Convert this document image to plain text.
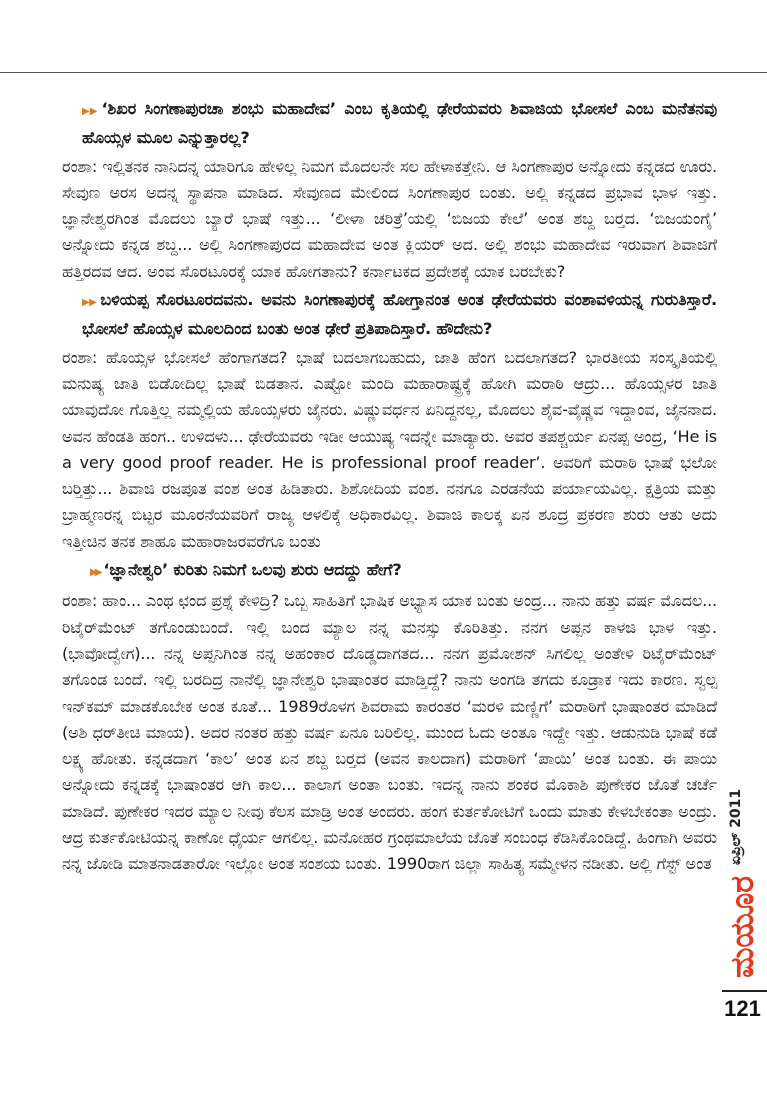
▶▶ ‘ಶಿಖರ ಸಿಂಗಣಾಪುರಚಾ ಶಂಭು ಮಹಾದೇವ’ ಎಂಬ ಕೃತಿಯಲ್ಲಿ ಢೇರೆಯವರು ಶಿವಾಜಿಯ ಭೋಸಲೆ ಎಂಬ ಮನೆತನವು ಹೊಯ್ಸಳ ಮೂಲ ಎನ್ನುತ್ತಾರಲ್ಲ?

ರಂಶಾ: ಇಲ್ಲಿತನಕ ನಾನಿದನ್ನ ಯಾರಿಗೂ ಹೇಳಿಲ್ಲ ನಿಮಗ ಮೊದಲನೇ ಸಲ ಹೇಳಾಕತ್ತೇನಿ. ಆ ಸಿಂಗಣಾಪುರ ಅನ್ನೋದು ಕನ್ನಡದ ಊರು. ಸೇವುಣ ಅರಸ ಅದನ್ನ ಸ್ಥಾಪನಾ ಮಾಡಿದ. ಸೇವುಣದ ಮೇಲಿಂದ ಸಿಂಗಣಾಪುರ ಬಂತು. ಅಲ್ಲಿ ಕನ್ನಡದ ಪ್ರಭಾವ ಭಾಳ ಇತ್ತು. ಜ್ಞಾನೇಶ್ವರಗಿಂತ ಮೊದಲು ಬ್ಯಾರೆ ಭಾಷೆ ಇತ್ತು... ‘ಲೀಳಾ ಚರಿತ್ರೆ’ಯಲ್ಲಿ ‘ಬಿಜಯ ಕೇಲೆ’ ಅಂತ ಶಬ್ದ ಬರ‍್ತದ. ‘ಬಿಜಯಂಗೈ’ ಅನ್ನೋದು ಕನ್ನಡ ಶಬ್ದ... ಅಲ್ಲಿ ಸಿಂಗಣಾಪುರದ ಮಹಾದೇವ ಅಂತ ಕ್ಲಿಯರ್ ಅದ. ಅಲ್ಲಿ ಶಂಭು ಮಹಾದೇವ ಇರುವಾಗ ಶಿವಾಜಿಗೆ ಹತ್ತಿರದವ ಆದ. ಅಂವ ಸೊರಟೂರಕ್ಕೆ ಯಾಕ ಹೋಗತಾನು? ಕರ್ನಾಟಕದ ಪ್ರದೇಶಕ್ಕೆ ಯಾಕ ಬರಬೇಕು?

▶▶ ಬಳಿಯಪ್ಪ ಸೊರಟೂರದವನು. ಅವನು ಸಿಂಗಣಾಪುರಕ್ಕೆ ಹೋಗ್ತಾನಂತ ಅಂತ ಢೇರೆಯವರು ವಂಶಾವಳಿಯನ್ನ ಗುರುತಿಸ್ತಾರೆ. ಭೋಸಲೆ ಹೊಯ್ಸಳ ಮೂಲದಿಂದ ಬಂತು ಅಂತ ಢೇರೆ ಪ್ರತಿಪಾದಿಸ್ತಾರೆ. ಹೌದೇನು?

ರಂಶಾ: ಹೊಯ್ಸಳ ಭೋಸಲೆ ಹೆಂಗಾಗತದ? ಭಾಷೆ ಬದಲಾಗಬಹುದು, ಜಾತಿ ಹೆಂಗ ಬದಲಾಗತದ? ಭಾರತೀಯ ಸಂಸ್ಕೃತಿಯಲ್ಲಿ ಮನುಷ್ಯ ಜಾತಿ ಬಿಡೋದಿಲ್ಲ ಭಾಷೆ ಬಿಡತಾನ. ಎಷ್ಟೋ ಮಂದಿ ಮಹಾರಾಷ್ಟ್ರಕ್ಕೆ ಹೋಗಿ ಮರಾಠಿ ಆದ್ರು... ಹೊಯ್ಸಳರ ಜಾತಿ ಯಾವುದೋ ಗೊತ್ತಿಲ್ಲ ನಮ್ಮಲ್ಲಿಯ ಹೊಯ್ಸಳರು ಜೈನರು. ವಿಷ್ಣುವರ್ಧನ ಏನಿದ್ದನಲ್ಲ, ಮೊದಲು ಶೈವ-ವೈಷ್ಣವ ಇದ್ದಾಂವ, ಜೈನನಾದ. ಅವನ ಹೆಂಡತಿ ಹಂಗ.. ಉಳಿದಳು... ಢೇರೆಯವರು ಇಡೀ ಆಯುಷ್ಯ ಇದನ್ನೇ ಮಾಡ್ಯಾರು. ಅವರ ತಪಶ್ಚರ್ಯ ಏನಪ್ಪ ಅಂದ್ರ, ‘He is a very good proof reader. He is professional proof reader’. ಅವರಿಗೆ ಮರಾಠಿ ಭಾಷೆ ಭಲೋ ಬರ‍್ತಿತ್ತು... ಶಿವಾಜಿ ರಜಪೂತ ವಂಶ ಅಂತ ಹಿಡಿತಾರು. ಶಿಶೋದಿಯ ವಂಶ. ನನಗೂ ಎರಡನೆಯ ಪರ್ಯಾಯವಿಲ್ಲ. ಕ್ಷತ್ರಿಯ ಮತ್ತು ಬ್ರಾಹ್ಮಣರನ್ನ ಬಿಟ್ಟರ ಮೂರನೆಯವರಿಗೆ ರಾಜ್ಯ ಆಳಲಿಕ್ಕೆ ಅಧಿಕಾರವಿಲ್ಲ. ಶಿವಾಜಿ ಕಾಲಕ್ಕ ಏನ ಶೂದ್ರ ಪ್ರಕರಣ ಶುರು ಆತು ಅದು ಇತ್ತೀಚಿನ ತನಕ ಶಾಹೂ ಮಹಾರಾಜರವರೆಗೂ ಬಂತು

▶▶ ‘ಜ್ಞಾನೇಶ್ವರಿ’ ಕುರಿತು ನಿಮಗೆ ಒಲವು ಶುರು ಆದದ್ದು ಹೇಗೆ?

ರಂಶಾ: ಹಾಂ... ಎಂಥ ಛಂದ ಪ್ರಶ್ನೆ ಕೇಳಿದ್ರಿ? ಒಬ್ಬ ಸಾಹಿತಿಗೆ ಭಾಷಿಕ ಅಭ್ಯಾಸ ಯಾಕ ಬಂತು ಅಂದ್ರ... ನಾನು ಹತ್ತು ವರ್ಷ ಮೊದಲ... ರಿಟೈರ್‌ಮೆಂಟ್ ತಗೊಂಡುಬಂದೆ. ಇಲ್ಲಿ ಬಂದ ಮ್ಯಾಲ ನನ್ನ ಮನಸ್ಸು ಕೊರಿತಿತ್ತು. ನನಗ ಅಪ್ಪನ ಕಾಳಜಿ ಭಾಳ ಇತ್ತು. (ಭಾವೋದ್ವೇಗ)... ನನ್ನ ಅಪ್ಪನಿಗಿಂತ ನನ್ನ ಅಹಂಕಾರ ದೊಡ್ಡದಾಗತದ... ನನಗ ಪ್ರಮೋಶನ್ ಸಿಗಲಿಲ್ಲ ಅಂತೇಳಿ ರಿಟೈರ್‌ಮೆಂಟ್ ತಗೊಂಡ ಬಂದೆ. ಇಲ್ಲಿ ಬರದಿದ್ರ ನಾನೆಲ್ಲಿ ಜ್ಞಾನೇಶ್ವರಿ ಭಾಷಾಂತರ ಮಾಡ್ತಿದ್ದೆ? ನಾನು ಅಂಗಡಿ ತಗದು ಕೂಡ್ರಾಕ ಇದು ಕಾರಣ. ಸ್ವಲ್ಪ ಇನ್‌ಕಮ್ ಮಾಡಕೊಬೇಕ ಅಂತ ಕೂತೆ... 1989ರೊಳಗ ಶಿವರಾಮ ಕಾರಂತರ ‘ಮರಳಿ ಮಣ್ಣಿಗೆ’ ಮರಾಠಿಗೆ ಭಾಷಾಂತರ ಮಾಡಿದೆ (ಅಶಿ ಧರ್‌ತೀಚಿ ಮಾಯ). ಅದರ ನಂತರ ಹತ್ತು ವರ್ಷ ಏನೂ ಬರಿಲಿಲ್ಲ. ಮುಂದ ಓದು ಅಂತೂ ಇದ್ದೇ ಇತ್ತು. ಆಡುನುಡಿ ಭಾಷೆ ಕಡೆ ಲಕ್ಷ್ಯ ಹೋತು. ಕನ್ನಡದಾಗ ‘ಕಾಲ’ ಅಂತ ಏನ ಶಬ್ದ ಬರ‍್ತದ (ಅವನ ಕಾಲದಾಗ) ಮರಾಠಿಗೆ ‘ಪಾಯಿ’ ಅಂತ ಬಂತು. ಈ ಪಾಯಿ ಅನ್ನೋದು ಕನ್ನಡಕ್ಕೆ ಭಾಷಾಂತರ ಆಗಿ ಕಾಲ... ಕಾಲಾಗ ಅಂತಾ ಬಂತು. ಇದನ್ನ ನಾನು ಶಂಕರ ಮೊಕಾಶಿ ಪುಣೇಕರ ಜೊತೆ ಚರ್ಚೆ ಮಾಡಿದೆ. ಪುಣೇಕರ ಇದರ ಮ್ಯಾಲ ನೀವು ಕೆಲಸ ಮಾಡ್ರಿ ಅಂತ ಅಂದರು. ಹಂಗ ಕುರ್ತಕೋಟಿಗೆ ಒಂದು ಮಾತು ಕೇಳಬೇಕಂತಾ ಅಂದ್ರು. ಆದ್ರ ಕುರ್ತಕೋಟಿಯನ್ನ ಕಾಣೋ ಧೈರ್ಯ ಆಗಲಿಲ್ಲ. ಮನೋಹರ ಗ್ರಂಥಮಾಲೆಯ ಜೊತೆ ಸಂಬಂಧ ಕೆಡಿಸಿಕೊಂಡಿದ್ದೆ. ಹಿಂಗಾಗಿ ಅವರು ನನ್ನ ಜೋಡಿ ಮಾತನಾಡತಾರೋ ಇಲ್ಲೋ ಅಂತ ಸಂಶಯ ಬಂತು. 1990ರಾಗ ಜಿಲ್ಲಾ ಸಾಹಿತ್ಯ ಸಮ್ಮೇಳನ ನಡೀತು. ಅಲ್ಲಿ ಗೆಸ್ಟ್ ಅಂತ	ಏಪ್ರಿಲ್ 2011
ಮಯೂರ
121
